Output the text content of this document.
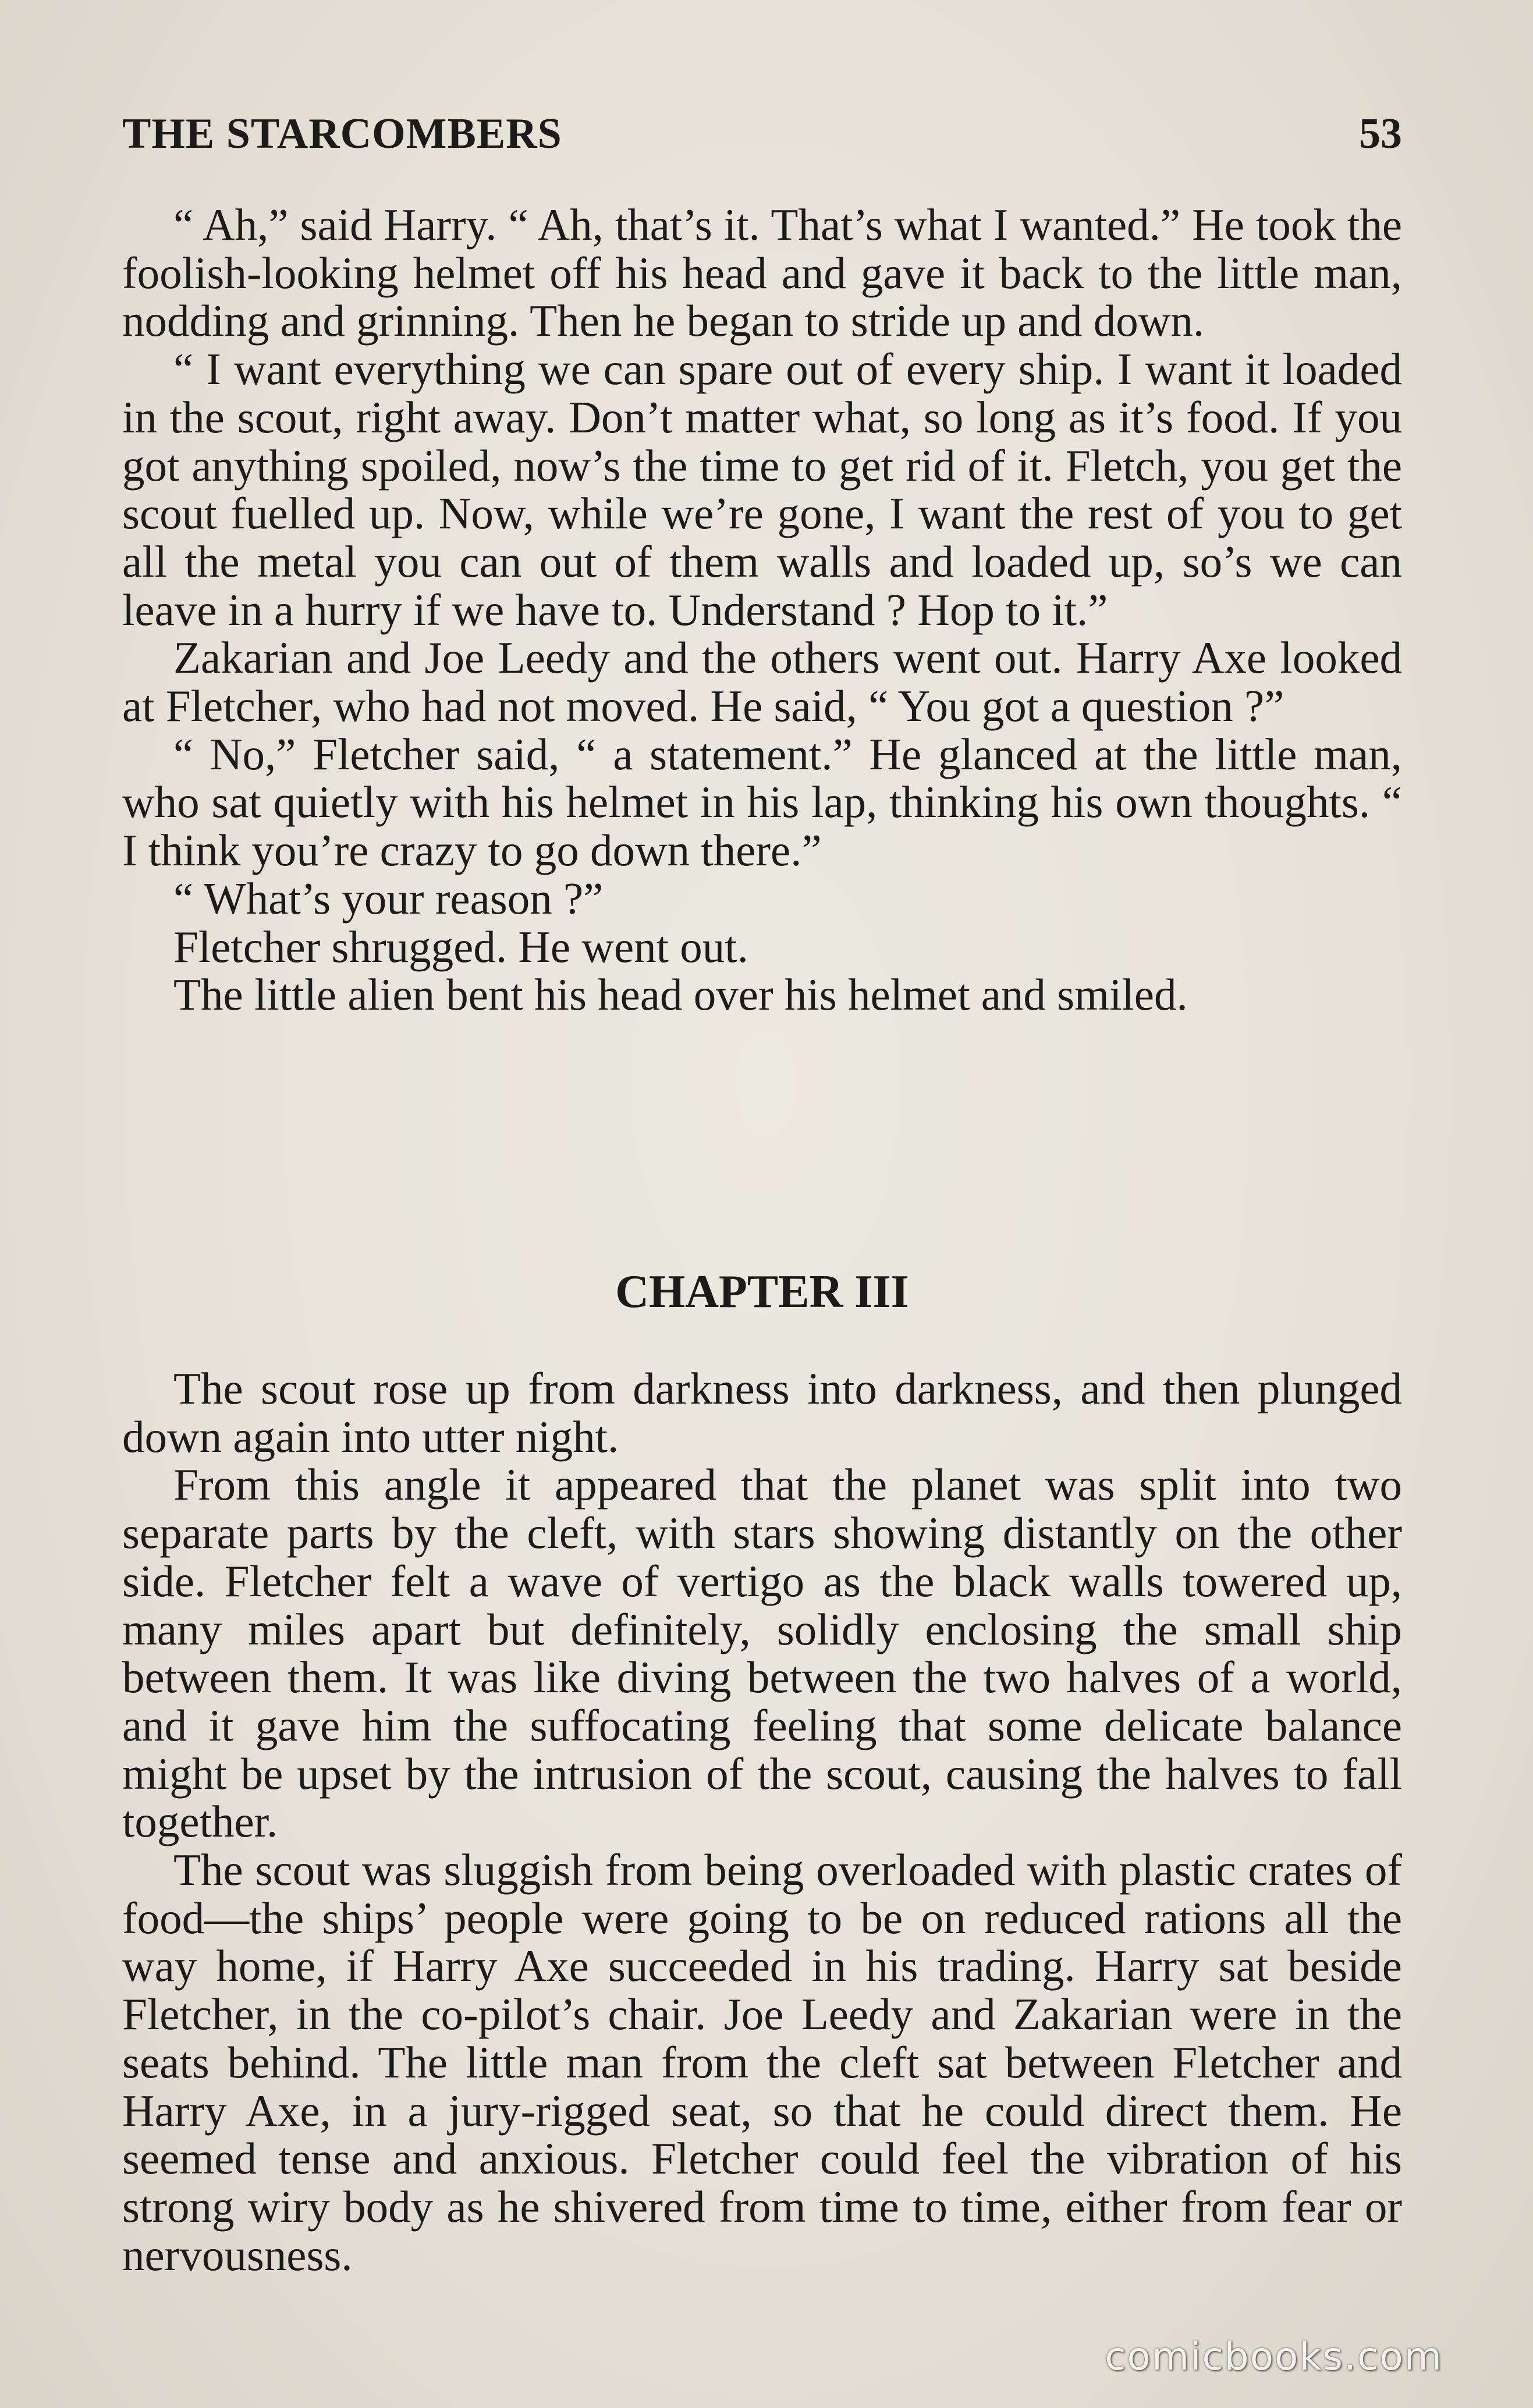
THE STARCOMBERS	53

“ Ah,” said Harry. “ Ah, that’s it. That’s what I wanted.” He took the foolish-looking helmet off his head and gave it back to the little man, nodding and grinning. Then he began to stride up and down.

“ I want everything we can spare out of every ship. I want it loaded in the scout, right away. Don’t matter what, so long as it’s food. If you got anything spoiled, now’s the time to get rid of it. Fletch, you get the scout fuelled up. Now, while we’re gone, I want the rest of you to get all the metal you can out of them walls and loaded up, so’s we can leave in a hurry if we have to. Understand ? Hop to it.”

Zakarian and Joe Leedy and the others went out. Harry Axe looked at Fletcher, who had not moved. He said, “ You got a question ?”

“ No,” Fletcher said, “ a statement.” He glanced at the little man, who sat quietly with his helmet in his lap, thinking his own thoughts. “ I think you’re crazy to go down there.”

“ What’s your reason ?”

Fletcher shrugged. He went out.

The little alien bent his head over his helmet and smiled.

CHAPTER III

The scout rose up from darkness into darkness, and then plunged down again into utter night.

From this angle it appeared that the planet was split into two separate parts by the cleft, with stars showing distantly on the other side. Fletcher felt a wave of vertigo as the black walls towered up, many miles apart but definitely, solidly enclosing the small ship between them. It was like diving between the two halves of a world, and it gave him the suffocating feeling that some delicate balance might be upset by the intrusion of the scout, causing the halves to fall together.

The scout was sluggish from being overloaded with plastic crates of food—the ships’ people were going to be on reduced rations all the way home, if Harry Axe succeeded in his trading. Harry sat beside Fletcher, in the co-pilot’s chair. Joe Leedy and Zakarian were in the seats behind. The little man from the cleft sat between Fletcher and Harry Axe, in a jury-rigged seat, so that he could direct them. He seemed tense and anxious. Fletcher could feel the vibration of his strong wiry body as he shivered from time to time, either from fear or nervousness.

comicbooks.com
